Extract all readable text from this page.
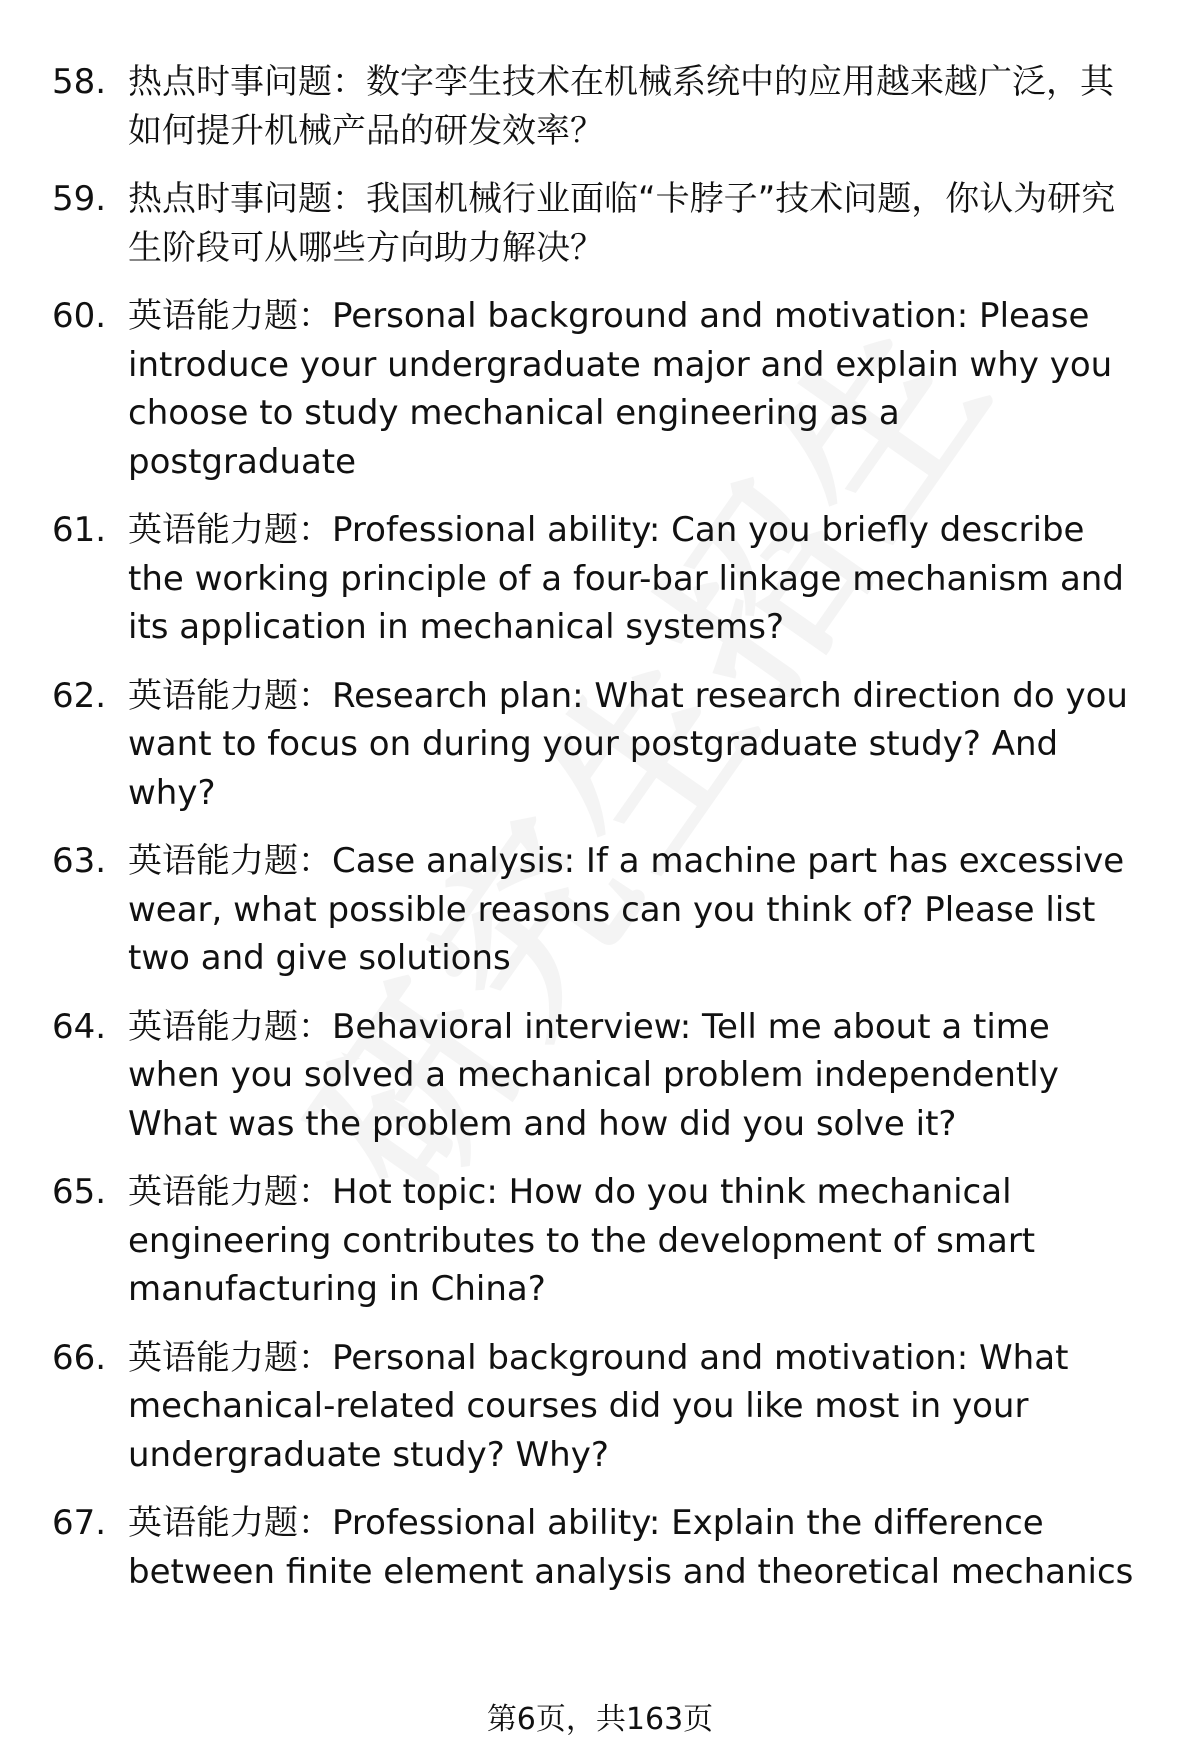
58. 热点时事问题：数字孪生技术在机械系统中的应用越来越广泛，其如何提升机械产品的研发效率？
59. 热点时事问题：我国机械行业面临“卡脖子”技术问题，你认为研究生阶段可从哪些方向助力解决？
60. 英语能力题：Personal background and motivation: Please introduce your undergraduate major and explain why you choose to study mechanical engineering as a postgraduate
61. 英语能力题：Professional ability: Can you briefly describe the working principle of a four-bar linkage mechanism and its application in mechanical systems?
62. 英语能力题：Research plan: What research direction do you want to focus on during your postgraduate study? And why?
63. 英语能力题：Case analysis: If a machine part has excessive wear, what possible reasons can you think of? Please list two and give solutions
64. 英语能力题：Behavioral interview: Tell me about a time when you solved a mechanical problem independently What was the problem and how did you solve it?
65. 英语能力题：Hot topic: How do you think mechanical engineering contributes to the development of smart manufacturing in China?
66. 英语能力题：Personal background and motivation: What mechanical-related courses did you like most in your undergraduate study? Why?
67. 英语能力题：Professional ability: Explain the difference between finite element analysis and theoretical mechanics
第6页，共163页
